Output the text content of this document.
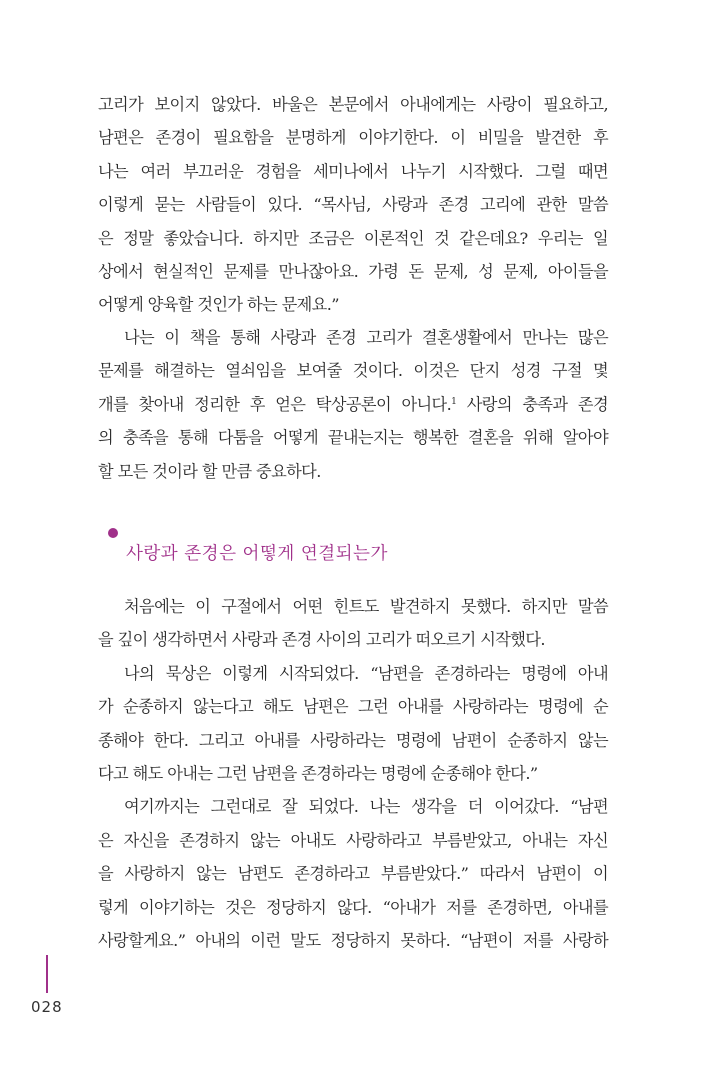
고리가 보이지 않았다. 바울은 본문에서 아내에게는 사랑이 필요하고,
남편은 존경이 필요함을 분명하게 이야기한다. 이 비밀을 발견한 후
나는 여러 부끄러운 경험을 세미나에서 나누기 시작했다. 그럴 때면
이렇게 묻는 사람들이 있다. “목사님, 사랑과 존경 고리에 관한 말씀
은 정말 좋았습니다. 하지만 조금은 이론적인 것 같은데요? 우리는 일
상에서 현실적인 문제를 만나잖아요. 가령 돈 문제, 성 문제, 아이들을
어떻게 양육할 것인가 하는 문제요.”
나는 이 책을 통해 사랑과 존경 고리가 결혼생활에서 만나는 많은
문제를 해결하는 열쇠임을 보여줄 것이다. 이것은 단지 성경 구절 몇
개를 찾아내 정리한 후 얻은 탁상공론이 아니다.$^1$ 사랑의 충족과 존경
의 충족을 통해 다툼을 어떻게 끝내는지는 행복한 결혼을 위해 알아야
할 모든 것이라 할 만큼 중요하다.
사랑과 존경은 어떻게 연결되는가
처음에는 이 구절에서 어떤 힌트도 발견하지 못했다. 하지만 말씀
을 깊이 생각하면서 사랑과 존경 사이의 고리가 떠오르기 시작했다.
나의 묵상은 이렇게 시작되었다. “남편을 존경하라는 명령에 아내
가 순종하지 않는다고 해도 남편은 그런 아내를 사랑하라는 명령에 순
종해야 한다. 그리고 아내를 사랑하라는 명령에 남편이 순종하지 않는
다고 해도 아내는 그런 남편을 존경하라는 명령에 순종해야 한다.”
여기까지는 그런대로 잘 되었다. 나는 생각을 더 이어갔다. “남편
은 자신을 존경하지 않는 아내도 사랑하라고 부름받았고, 아내는 자신
을 사랑하지 않는 남편도 존경하라고 부름받았다.” 따라서 남편이 이
렇게 이야기하는 것은 정당하지 않다. “아내가 저를 존경하면, 아내를
사랑할게요.” 아내의 이런 말도 정당하지 못하다. “남편이 저를 사랑하
028
